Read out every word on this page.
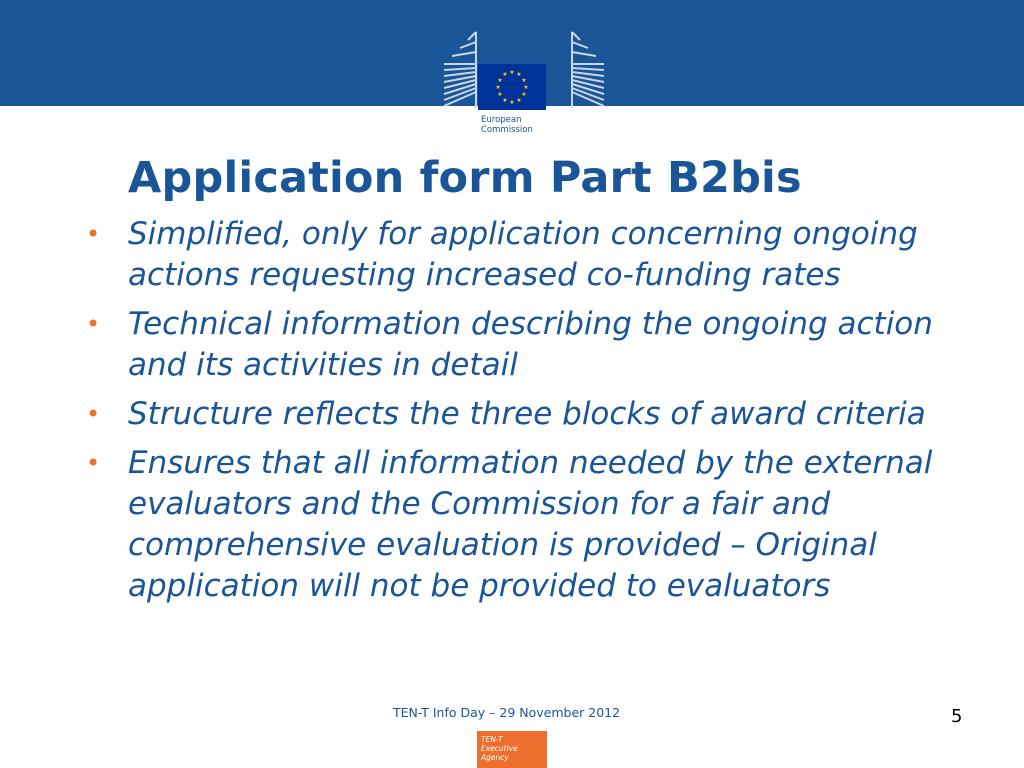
★ ★
★
★
★
★
★
★
★
★
★
★
European
Commission
Application form Part B2bis
• Simplified, only for application concerning ongoing actions requesting increased co-funding rates
• Technical information describing the ongoing action and its activities in detail
• Structure reflects the three blocks of award criteria
• Ensures that all information needed by the external evaluators and the Commission for a fair and comprehensive evaluation is provided – Original application will not be provided to evaluators
TEN-T Info Day – 29 November 2012	5
TEN-T
Executive Agency
